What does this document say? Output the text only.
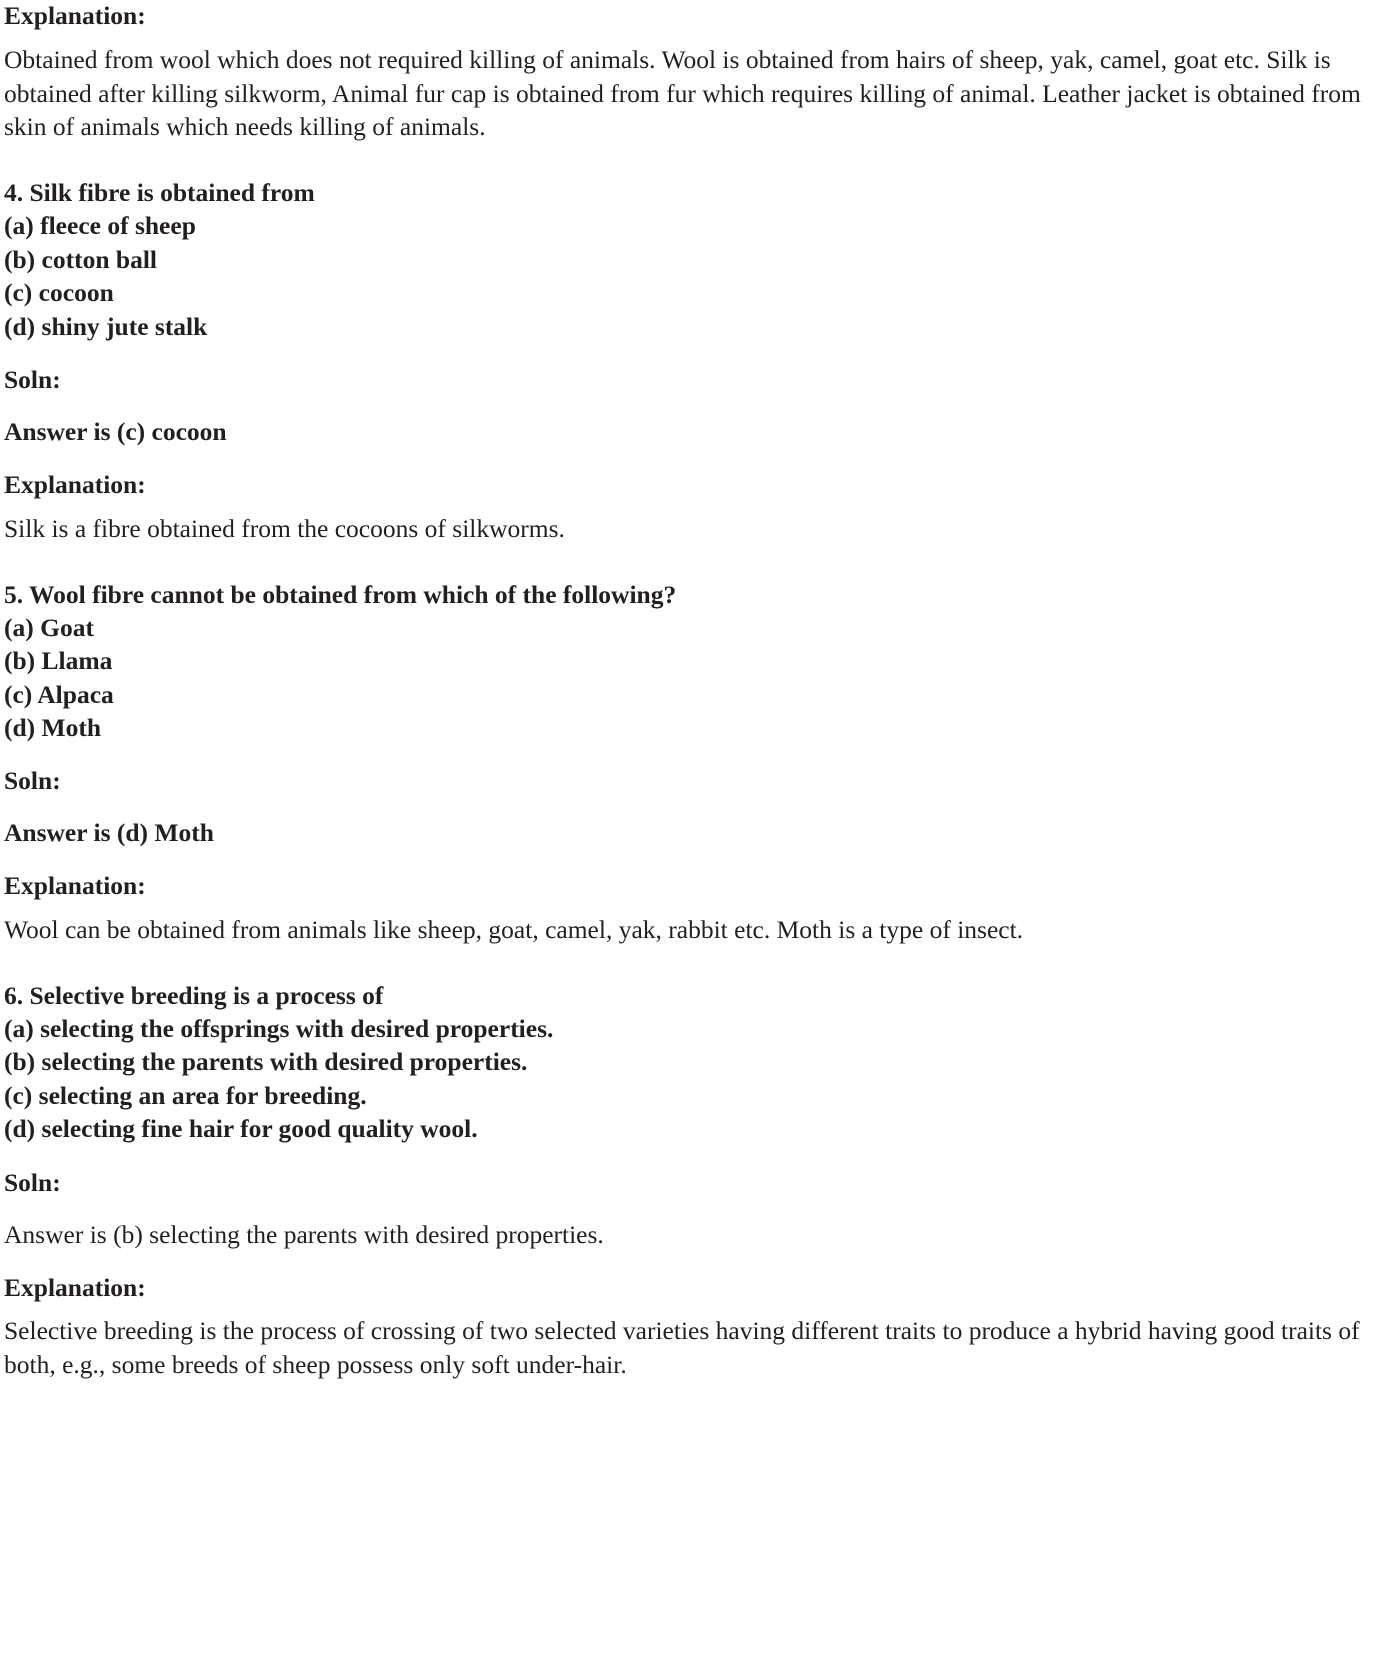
Explanation:
Obtained from wool which does not required killing of animals. Wool is obtained from hairs of sheep, yak, camel, goat etc. Silk is obtained after killing silkworm, Animal fur cap is obtained from fur which requires killing of animal. Leather jacket is obtained from skin of animals which needs killing of animals.
4. Silk fibre is obtained from
(a) fleece of sheep
(b) cotton ball
(c) cocoon
(d) shiny jute stalk
Soln:
Answer is (c) cocoon
Explanation:
Silk is a fibre obtained from the cocoons of silkworms.
5. Wool fibre cannot be obtained from which of the following?
(a) Goat
(b) Llama
(c) Alpaca
(d) Moth
Soln:
Answer is (d) Moth
Explanation:
Wool can be obtained from animals like sheep, goat, camel, yak, rabbit etc. Moth is a type of insect.
6. Selective breeding is a process of
(a) selecting the offsprings with desired properties.
(b) selecting the parents with desired properties.
(c) selecting an area for breeding.
(d) selecting fine hair for good quality wool.
Soln:
Answer is (b) selecting the parents with desired properties.
Explanation:
Selective breeding is the process of crossing of two selected varieties having different traits to produce a hybrid having good traits of both, e.g., some breeds of sheep possess only soft under-hair.
